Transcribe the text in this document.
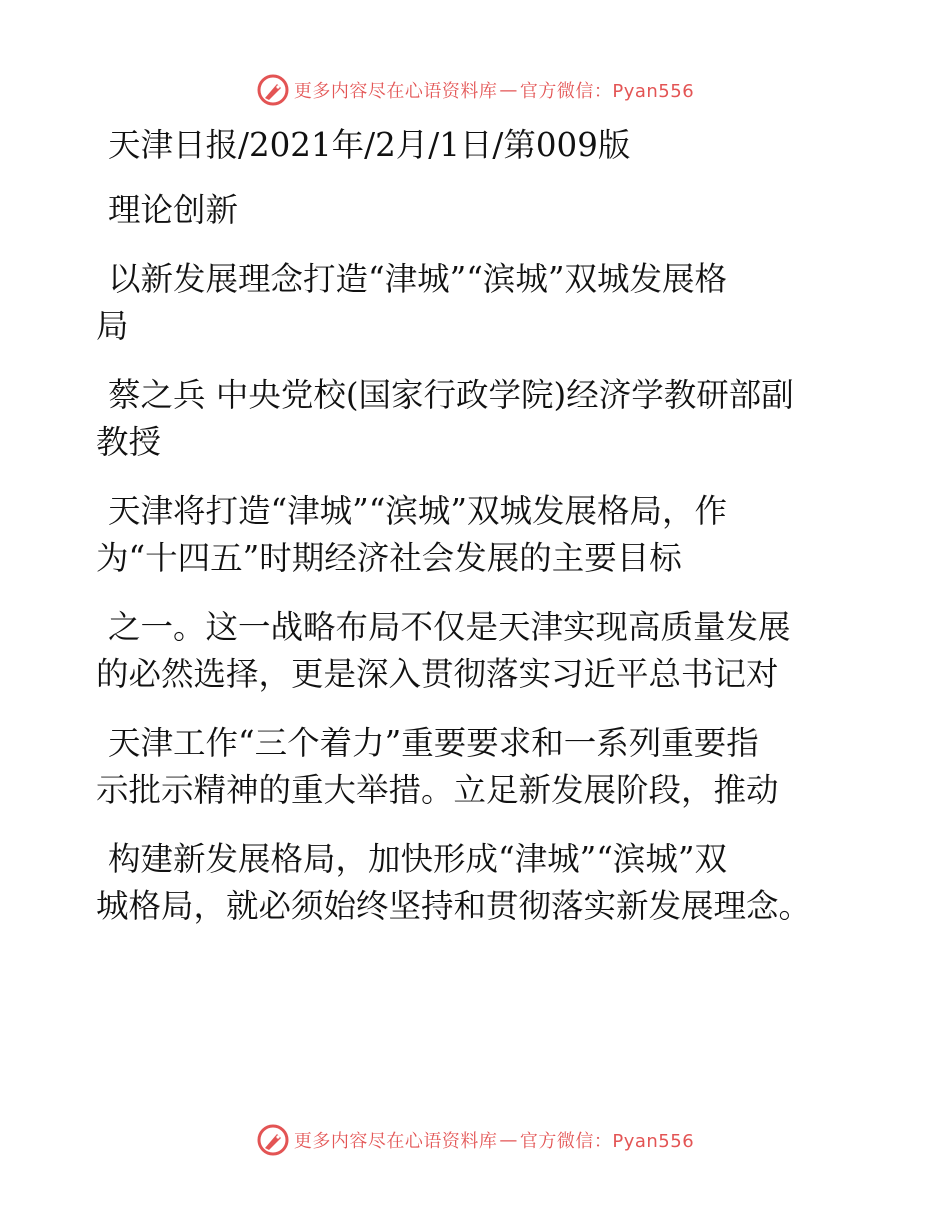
更多内容尽在心语资料库 — 官方微信：Pyan556

天津日报/2021年/2月/1日/第009版

理论创新

以新发展理念打造“津城”“滨城”双城发展格

局

蔡之兵 中央党校(国家行政学院)经济学教研部副

教授

天津将打造“津城”“滨城”双城发展格局，作

为“十四五”时期经济社会发展的主要目标

之一。这一战略布局不仅是天津实现高质量发展

的必然选择，更是深入贯彻落实习近平总书记对

天津工作“三个着力”重要要求和一系列重要指

示批示精神的重大举措。立足新发展阶段，推动

构建新发展格局，加快形成“津城”“滨城”双

城格局，就必须始终坚持和贯彻落实新发展理念。

更多内容尽在心语资料库 — 官方微信：Pyan556
